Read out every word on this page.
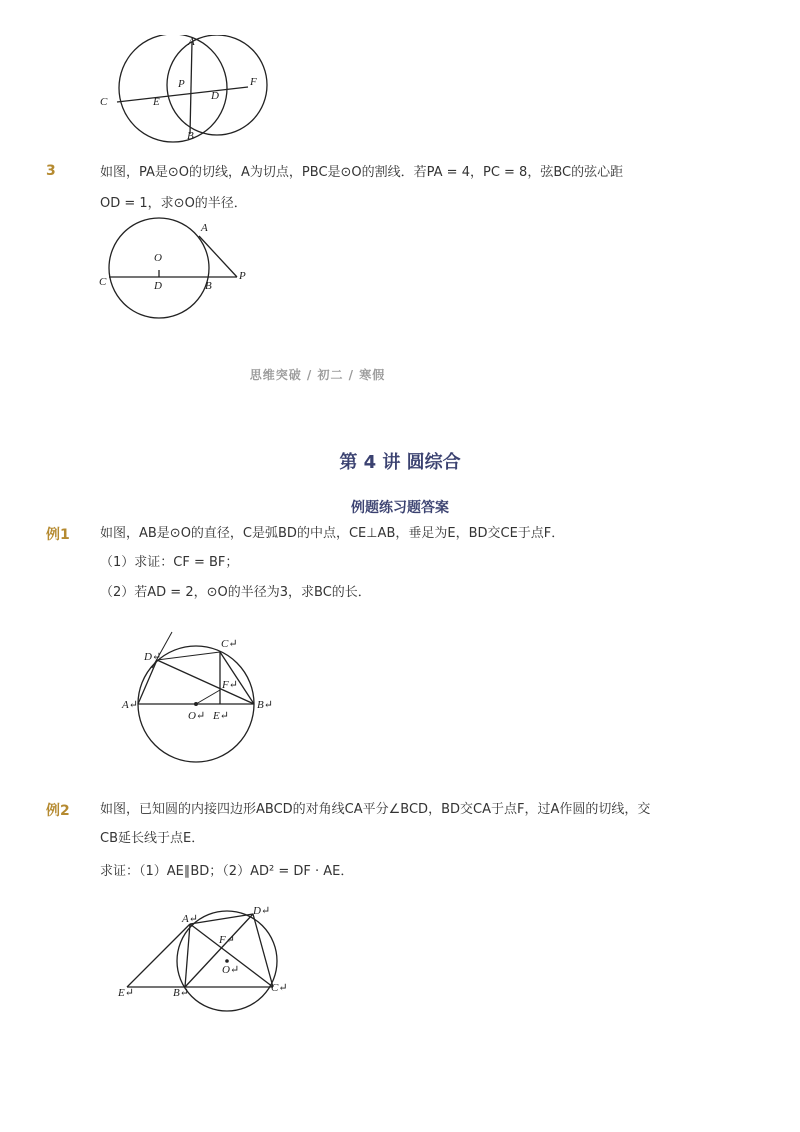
A
P	F
C	E	D
B
3	如图，PA是⊙O的切线，A为切点，PBC是⊙O的割线．若PA = 4，PC = 8，弦BC的弦心距
OD = 1，求⊙O的半径．
A
O
C	D	B
P
思维突破 / 初二 / 寒假
第 4 讲 圆综合
例题练习题答案
例1 如图，AB是⊙O的直径，C是弧BD的中点，CE⊥AB，垂足为E，BD交CE于点F．
（1）求证：CF = BF；
（2）若AD = 2，⊙O的半径为3，求BC的长．
D↵
C↵
F↵
A↵
O↵ E↵
B↵
例2 如图，已知圆的内接四边形ABCD的对角线CA平分∠BCD，BD交CA于点F，过A作圆的切线，交
CB延长线于点E．
求证：（1）AE∥BD；（2）AD² = DF · AE．
A↵
D↵
F↵
O↵
E↵	B↵	C↵
